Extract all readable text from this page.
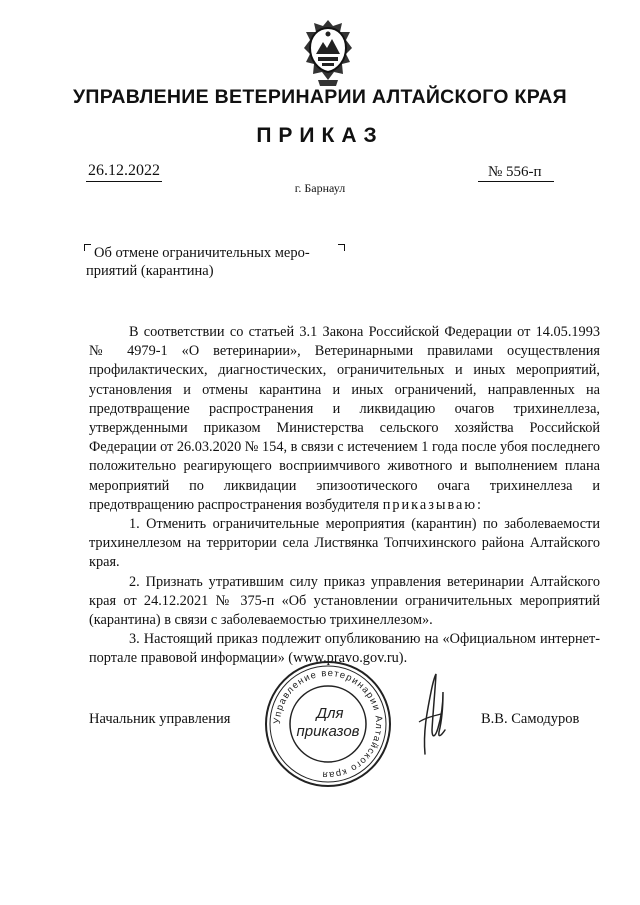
УПРАВЛЕНИЕ ВЕТЕРИНАРИИ АЛТАЙСКОГО КРАЯ
ПРИКАЗ
26.12.2022	№ 556-п
г. Барнаул
Об отмене ограничительных меро-
приятий (карантина)

В соответствии со статьей 3.1 Закона Российской Федерации от 14.05.1993 № 4979-1 «О ветеринарии», Ветеринарными правилами осуществления профилактических, диагностических, ограничительных и иных мероприятий, установления и отмены карантина и иных ограничений, направленных на предотвращение распространения и ликвидацию очагов трихинеллеза, утвержденными приказом Министерства сельского хозяйства Российской Федерации от 26.03.2020 № 154, в связи с истечением 1 года после убоя последнего положительно реагирующего восприимчивого животного и выполнением плана мероприятий по ликвидации эпизоотического очага трихинеллеза и предотвращению распространения возбудителя приказываю:

1. Отменить ограничительные мероприятия (карантин) по заболеваемости трихинеллезом на территории села Листвянка Топчихинского района Алтайского края.

2. Признать утратившим силу приказ управления ветеринарии Алтайского края от 24.12.2021 № 375-п «Об установлении ограничительных мероприятий (карантина) в связи с заболеваемостью трихинеллезом».

3. Настоящий приказ подлежит опубликованию на «Официальном интернет-портале правовой информации» (www.pravo.gov.ru).

Начальник управления	В.В. Самодуров
Управление ветеринарии Алтайского края
Для
приказов
